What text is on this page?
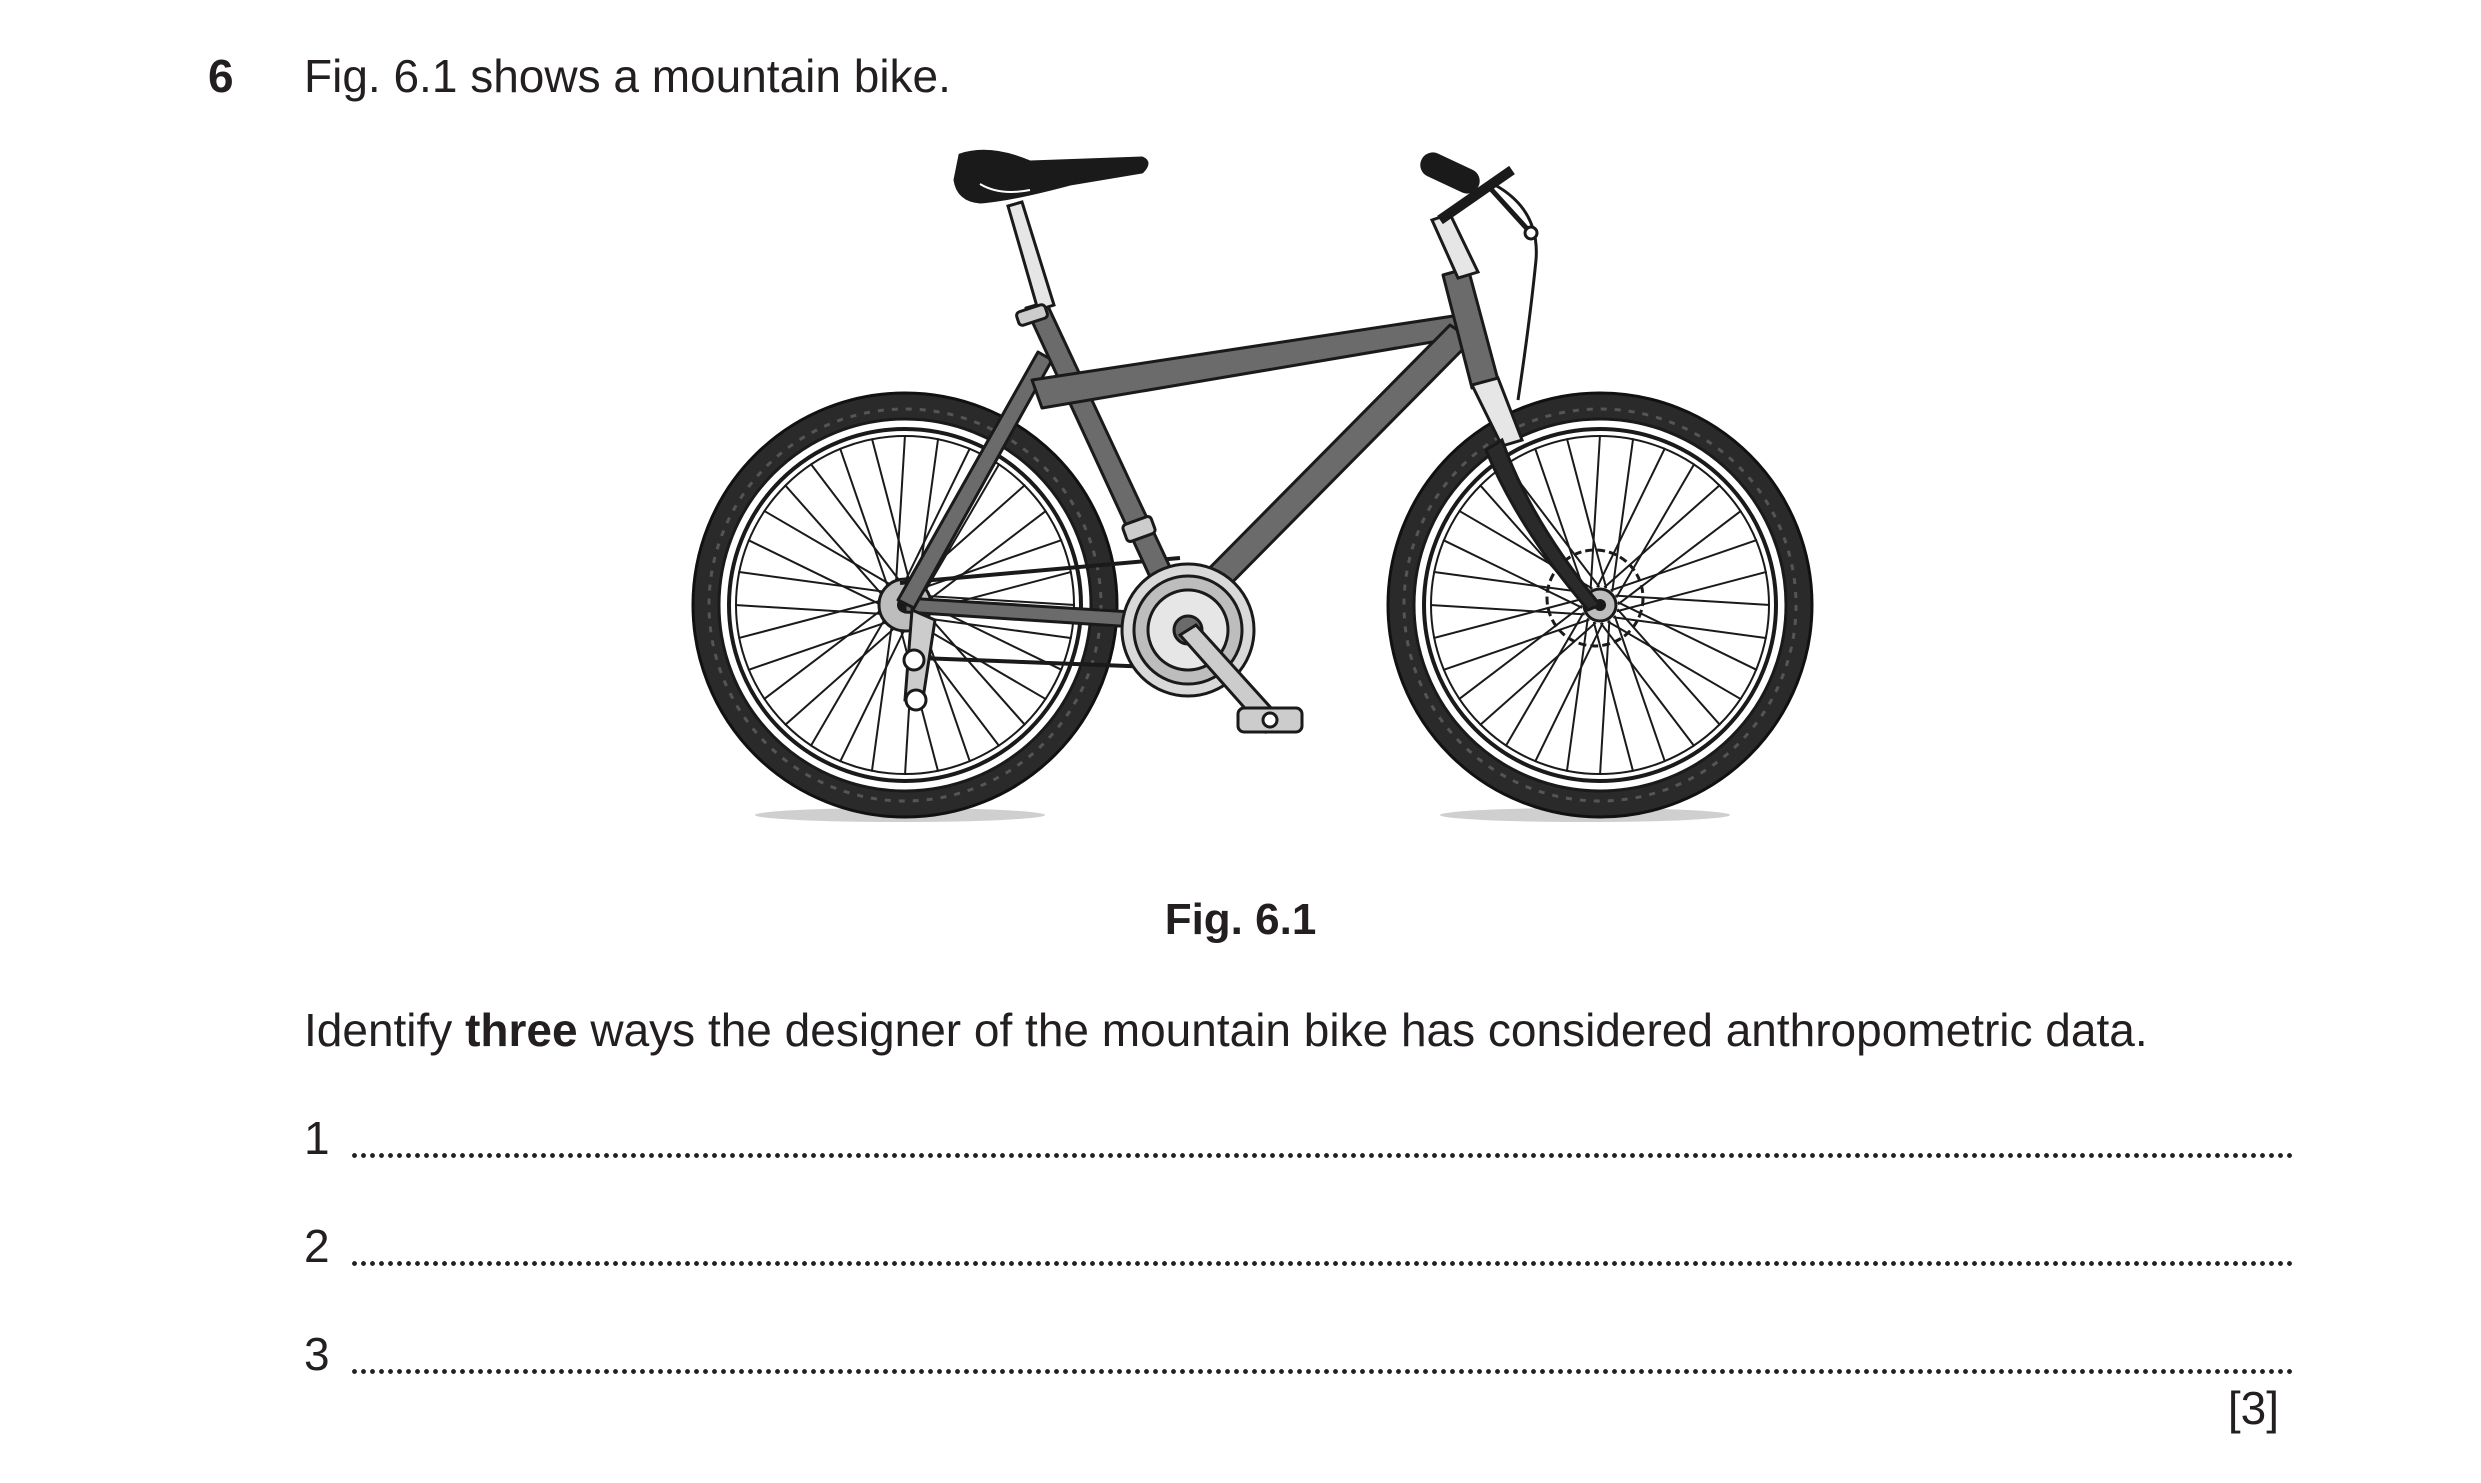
6 Fig. 6.1 shows a mountain bike.
Fig. 6.1
Identify three ways the designer of the mountain bike has considered anthropometric data.
1
2
3
[3]
